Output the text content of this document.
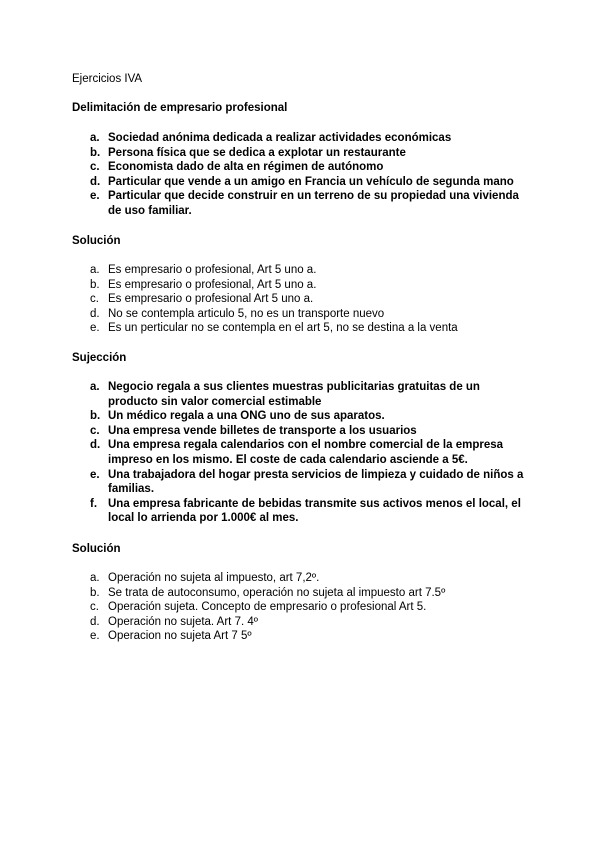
Ejercicios IVA
Delimitación de empresario profesional
a. Sociedad anónima dedicada a realizar actividades económicas
b. Persona física que se dedica a explotar un restaurante
c. Economista dado de alta en régimen de autónomo
d. Particular que vende a un amigo en Francia un vehículo de segunda mano
e. Particular que decide construir en un terreno de su propiedad una vivienda de uso familiar.
Solución
a. Es empresario o profesional, Art 5 uno a.
b. Es empresario o profesional, Art 5 uno a.
c. Es empresario o profesional Art 5 uno a.
d. No se contempla articulo 5, no es un transporte nuevo
e. Es un perticular no se contempla en el art 5, no se destina a la venta
Sujección
a. Negocio regala a sus clientes muestras publicitarias gratuitas de un producto sin valor comercial estimable
b. Un médico regala a una ONG uno de sus aparatos.
c. Una empresa vende billetes de transporte a los usuarios
d. Una empresa regala calendarios con el nombre comercial de la empresa impreso en los mismo. El coste de cada calendario asciende a 5€.
e. Una trabajadora del hogar presta servicios de limpieza y cuidado de niños a familias.
f. Una empresa fabricante de bebidas transmite sus activos menos el local, el local lo arrienda por 1.000€ al mes.
Solución
a. Operación no sujeta al impuesto, art 7,2º.
b. Se trata de autoconsumo, operación no sujeta al impuesto art 7.5º
c. Operación sujeta. Concepto de empresario o profesional Art 5.
d. Operación no sujeta. Art 7. 4º
e. Operacion no sujeta Art 7 5º
